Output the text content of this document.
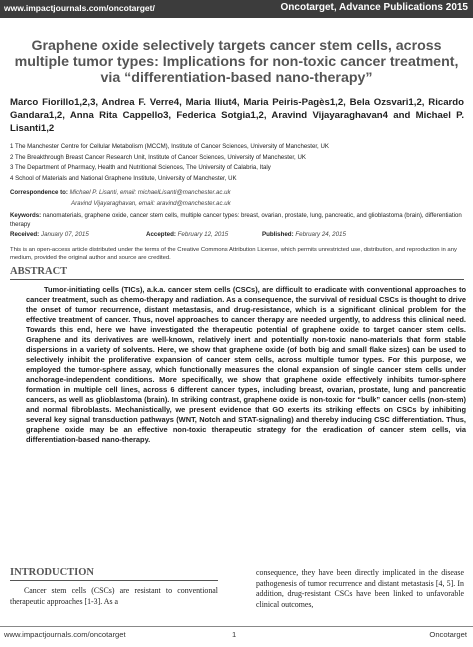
www.impactjournals.com/oncotarget/	Oncotarget, Advance Publications 2015
Graphene oxide selectively targets cancer stem cells, across multiple tumor types: Implications for non-toxic cancer treatment, via “differentiation-based nano-therapy”
Marco Fiorillo1,2,3, Andrea F. Verre4, Maria Iliut4, Maria Peiris-Pagès1,2, Bela Ozsvari1,2, Ricardo Gandara1,2, Anna Rita Cappello3, Federica Sotgia1,2, Aravind Vijayaraghavan4 and Michael P. Lisanti1,2
1 The Manchester Centre for Cellular Metabolism (MCCM), Institute of Cancer Sciences, University of Manchester, UK
2 The Breakthrough Breast Cancer Research Unit, Institute of Cancer Sciences, University of Manchester, UK
3 The Department of Pharmacy, Health and Nutritional Sciences, The University of Calabria, Italy
4 School of Materials and National Graphene Institute, University of Manchester, UK
Correspondence to: Michael P. Lisanti, email: michaelLisanti@manchester.ac.uk
Aravind Vijayaraghavan, email: aravind@manchester.ac.uk
Keywords: nanomaterials, graphene oxide, cancer stem cells, multiple cancer types: breast, ovarian, prostate, lung, pancreatic, and glioblastoma (brain), differentiation therapy
Received: January 07, 2015	Accepted: February 12, 2015	Published: February 24, 2015
This is an open-access article distributed under the terms of the Creative Commons Attribution License, which permits unrestricted use, distribution, and reproduction in any medium, provided the original author and source are credited.
ABSTRACT
Tumor-initiating cells (TICs), a.k.a. cancer stem cells (CSCs), are difficult to eradicate with conventional approaches to cancer treatment, such as chemo-therapy and radiation. As a consequence, the survival of residual CSCs is thought to drive the onset of tumor recurrence, distant metastasis, and drug-resistance, which is a significant clinical problem for the effective treatment of cancer. Thus, novel approaches to cancer therapy are needed urgently, to address this clinical need. Towards this end, here we have investigated the therapeutic potential of graphene oxide to target cancer stem cells. Graphene and its derivatives are well-known, relatively inert and potentially non-toxic nano-materials that form stable dispersions in a variety of solvents. Here, we show that graphene oxide (of both big and small flake sizes) can be used to selectively inhibit the proliferative expansion of cancer stem cells, across multiple tumor types. For this purpose, we employed the tumor-sphere assay, which functionally measures the clonal expansion of single cancer stem cells under anchorage-independent conditions. More specifically, we show that graphene oxide effectively inhibits tumor-sphere formation in multiple cell lines, across 6 different cancer types, including breast, ovarian, prostate, lung and pancreatic cancers, as well as glioblastoma (brain). In striking contrast, graphene oxide is non-toxic for “bulk” cancer cells (non-stem) and normal fibroblasts. Mechanistically, we present evidence that GO exerts its striking effects on CSCs by inhibiting several key signal transduction pathways (WNT, Notch and STAT-signaling) and thereby inducing CSC differentiation. Thus, graphene oxide may be an effective non-toxic therapeutic strategy for the eradication of cancer stem cells, via differentiation-based nano-therapy.
INTRODUCTION
Cancer stem cells (CSCs) are resistant to conventional therapeutic approaches [1-3]. As a
consequence, they have been directly implicated in the disease pathogenesis of tumor recurrence and distant metastasis [4, 5]. In addition, drug-resistant CSCs have been linked to unfavorable clinical outcomes,
www.impactjournals.com/oncotarget	1	Oncotarget
